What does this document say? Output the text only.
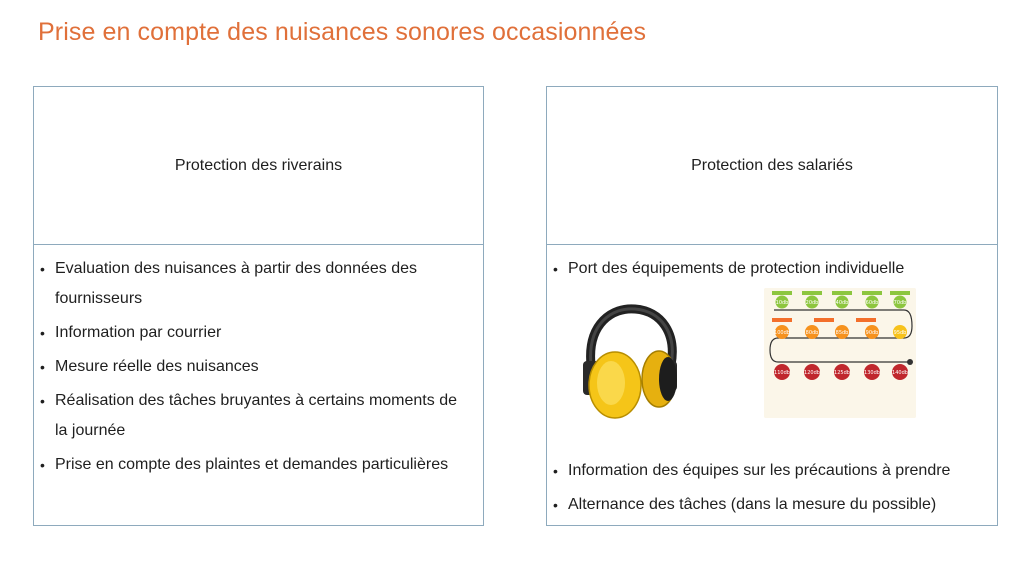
Prise en compte des nuisances sonores occasionnées
Protection des riverains
• Evaluation des nuisances à partir des données des fournisseurs
• Information par courrier
• Mesure réelle des nuisances
• Réalisation des tâches bruyantes à certains moments de la journée
• Prise en compte des plaintes et demandes particulières
Protection des salariés
• Port des équipements de protection individuelle
10db	20db	40db	60db	70db
100db	80db	85db	90db	95db
110db	120db	125db	130db 140db
• Information des équipes sur les précautions à prendre
• Alternance des tâches (dans la mesure du possible)
